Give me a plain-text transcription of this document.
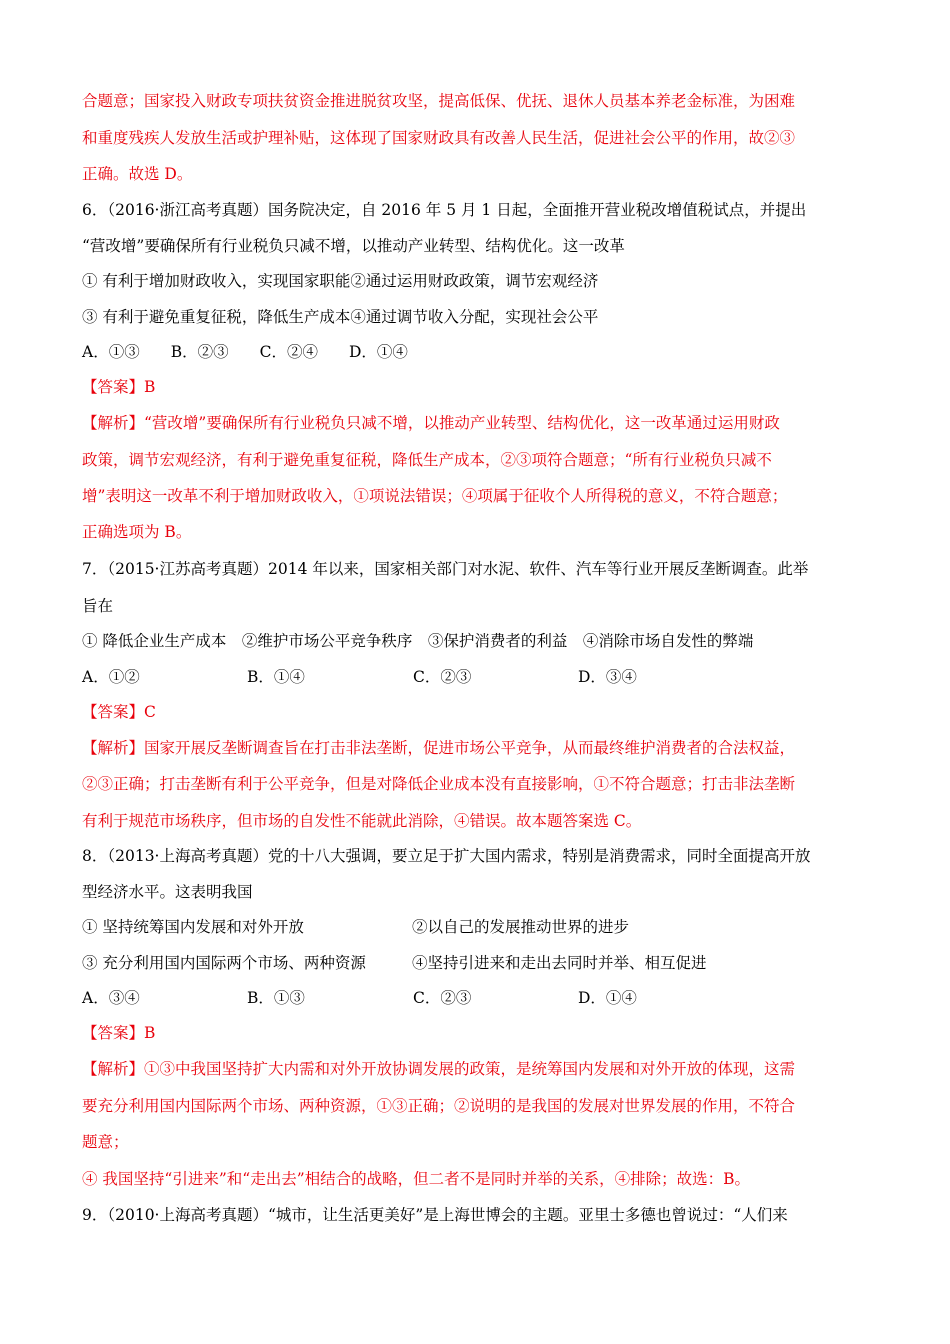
合题意；国家投入财政专项扶贫资金推进脱贫攻坚，提高低保、优抚、退休人员基本养老金标准，为困难
和重度残疾人发放生活或护理补贴，这体现了国家财政具有改善人民生活，促进社会公平的作用，故②③
正确。故选 D。
6．（2016·浙江高考真题）国务院决定，自 2016 年 5 月 1 日起，全面推开营业税改增值税试点，并提出
“营改增”要确保所有行业税负只减不增，以推动产业转型、结构优化。这一改革
① 有利于增加财政收入，实现国家职能②通过运用财政政策，调节宏观经济
③ 有利于避免重复征税，降低生产成本④通过调节收入分配，实现社会公平
A．①③　　B．②③　　C．②④　　D．①④
【答案】B
【解析】“营改增”要确保所有行业税负只减不增，以推动产业转型、结构优化，这一改革通过运用财政
政策，调节宏观经济，有利于避免重复征税，降低生产成本，②③项符合题意；“所有行业税负只减不
增”表明这一改革不利于增加财政收入，①项说法错误；④项属于征收个人所得税的意义，不符合题意；
正确选项为 B。
7．（2015·江苏高考真题）2014 年以来，国家相关部门对水泥、软件、汽车等行业开展反垄断调查。此举
旨在
① 降低企业生产成本　②维护市场公平竞争秩序　③保护消费者的利益　④消除市场自发性的弊端
A．①②	B．①④	C．②③	D．③④
【答案】C
【解析】国家开展反垄断调查旨在打击非法垄断，促进市场公平竞争，从而最终维护消费者的合法权益，
②③正确；打击垄断有利于公平竞争，但是对降低企业成本没有直接影响，①不符合题意；打击非法垄断
有利于规范市场秩序，但市场的自发性不能就此消除，④错误。故本题答案选 C。
8．（2013·上海高考真题）党的十八大强调，要立足于扩大国内需求，特别是消费需求，同时全面提高开放
型经济水平。这表明我国
① 坚持统筹国内发展和对外开放	②以自己的发展推动世界的进步
③ 充分利用国内国际两个市场、两种资源	④坚持引进来和走出去同时并举、相互促进
A．③④	B．①③	C．②③	D．①④
【答案】B
【解析】①③中我国坚持扩大内需和对外开放协调发展的政策，是统筹国内发展和对外开放的体现，这需
要充分利用国内国际两个市场、两种资源，①③正确；②说明的是我国的发展对世界发展的作用，不符合
题意；
④ 我国坚持“引进来”和“走出去”相结合的战略，但二者不是同时并举的关系，④排除；故选：B。
9．（2010·上海高考真题）“城市，让生活更美好”是上海世博会的主题。亚里士多德也曾说过：“人们来
